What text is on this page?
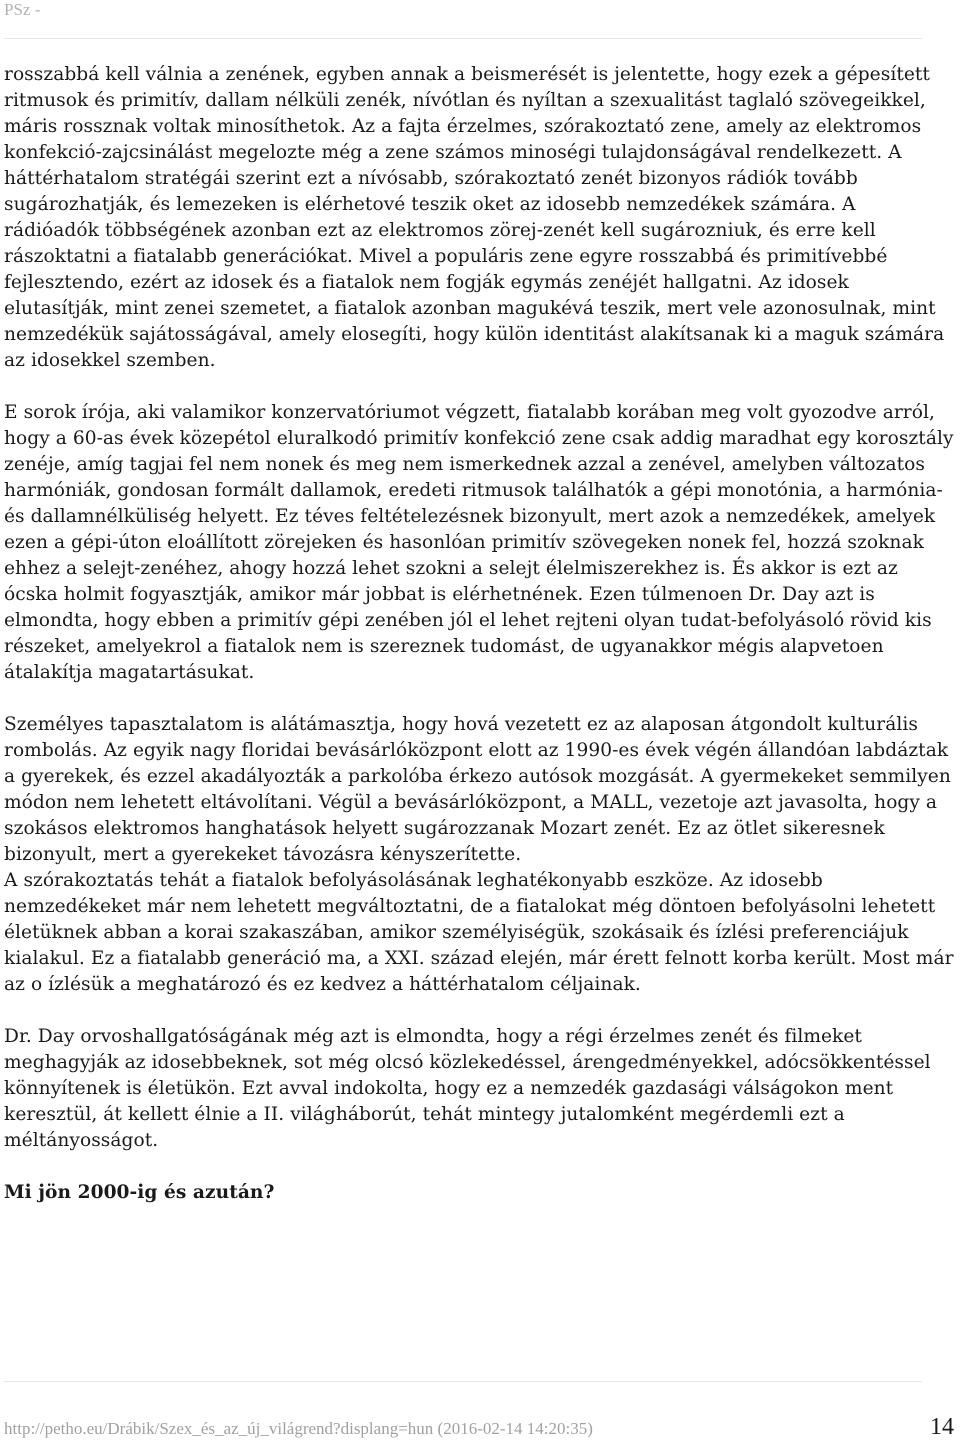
PSz -

rosszabbá kell válnia a zenének, egyben annak a beismerését is jelentette, hogy ezek a gépesített ritmusok és primitív, dallam nélküli zenék, nívótlan és nyíltan a szexualitást taglaló szövegeikkel, máris rossznak voltak minosíthetok. Az a fajta érzelmes, szórakoztató zene, amely az elektromos konfekció-zajcsinálást megelozte még a zene számos minoségi tulajdonságával rendelkezett. A háttérhatalom stratégái szerint ezt a nívósabb, szórakoztató zenét bizonyos rádiók tovább sugározhatják, és lemezeken is elérhetové teszik oket az idosebb nemzedékek számára. A rádióadók többségének azonban ezt az elektromos zörej-zenét kell sugározniuk, és erre kell rászoktatni a fiatalabb generációkat. Mivel a populáris zene egyre rosszabbá és primitívebbé fejlesztendo, ezért az idosek és a fiatalok nem fogják egymás zenéjét hallgatni. Az idosek elutasítják, mint zenei szemetet, a fiatalok azonban magukévá teszik, mert vele azonosulnak, mint nemzedékük sajátosságával, amely elosegíti, hogy külön identitást alakítsanak ki a maguk számára az idosekkel szemben.

E sorok írója, aki valamikor konzervatóriumot végzett, fiatalabb korában meg volt gyozodve arról, hogy a 60-as évek közepétol eluralkodó primitív konfekció zene csak addig maradhat egy korosztály zenéje, amíg tagjai fel nem nonek és meg nem ismerkednek azzal a zenével, amelyben változatos harmóniák, gondosan formált dallamok, eredeti ritmusok találhatók a gépi monotónia, a harmónia- és dallamnélküliség helyett. Ez téves feltételezésnek bizonyult, mert azok a nemzedékek, amelyek ezen a gépi-úton eloállított zörejeken és hasonlóan primitív szövegeken nonek fel, hozzá szoknak ehhez a selejt-zenéhez, ahogy hozzá lehet szokni a selejt élelmiszerekhez is. És akkor is ezt az ócska holmit fogyasztják, amikor már jobbat is elérhetnének. Ezen túlmenoen Dr. Day azt is elmondta, hogy ebben a primitív gépi zenében jól el lehet rejteni olyan tudat-befolyásoló rövid kis részeket, amelyekrol a fiatalok nem is szereznek tudomást, de ugyanakkor mégis alapvetoen átalakítja magatartásukat.

Személyes tapasztalatom is alátámasztja, hogy hová vezetett ez az alaposan átgondolt kulturális rombolás. Az egyik nagy floridai bevásárlóközpont elott az 1990-es évek végén állandóan labdáztak a gyerekek, és ezzel akadályozták a parkolóba érkezo autósok mozgását. A gyermekeket semmilyen módon nem lehetett eltávolítani. Végül a bevásárlóközpont, a MALL, vezetoje azt javasolta, hogy a szokásos elektromos hanghatások helyett sugározzanak Mozart zenét. Ez az ötlet sikeresnek bizonyult, mert a gyerekeket távozásra kényszerítette.

A szórakoztatás tehát a fiatalok befolyásolásának leghatékonyabb eszköze. Az idosebb nemzedékeket már nem lehetett megváltoztatni, de a fiatalokat még döntoen befolyásolni lehetett életüknek abban a korai szakaszában, amikor személyiségük, szokásaik és ízlési preferenciájuk kialakul. Ez a fiatalabb generáció ma, a XXI. század elején, már érett felnott korba került. Most már az o ízlésük a meghatározó és ez kedvez a háttérhatalom céljainak.

Dr. Day orvoshallgatóságának még azt is elmondta, hogy a régi érzelmes zenét és filmeket meghagyják az idosebbeknek, sot még olcsó közlekedéssel, árengedményekkel, adócsökkentéssel könnyítenek is életükön. Ezt avval indokolta, hogy ez a nemzedék gazdasági válságokon ment keresztül, át kellett élnie a II. világháborút, tehát mintegy jutalomként megérdemli ezt a méltányosságot.

Mi jön 2000-ig és azután?
http://petho.eu/Drábik/Szex_és_az_új_világrend?displang=hun (2016-02-14 14:20:35)	14
